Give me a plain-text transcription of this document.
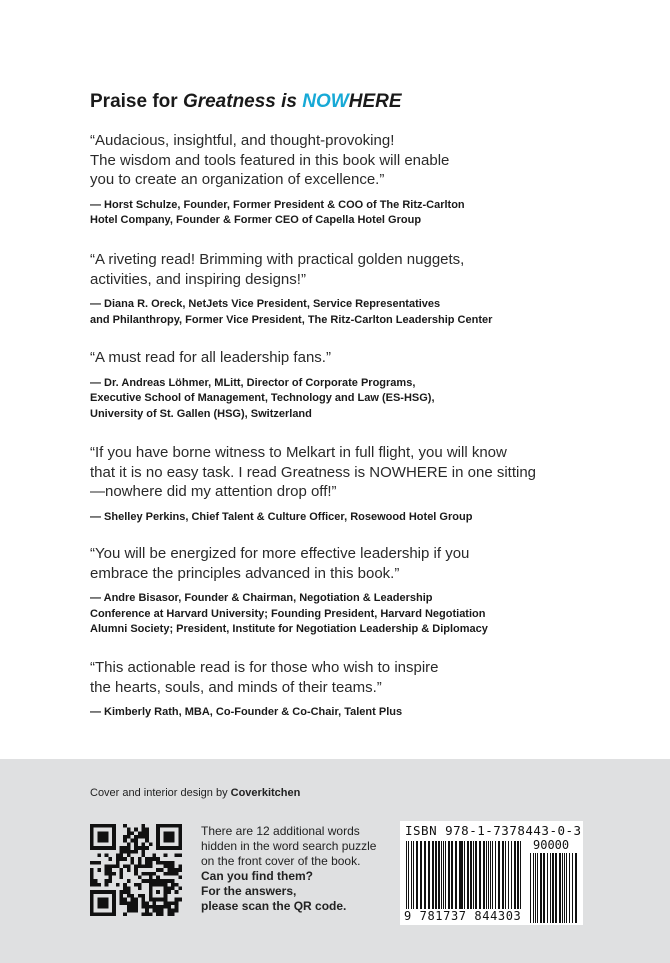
Praise for Greatness is NOWHERE

“Audacious, insightful, and thought-provoking!
The wisdom and tools featured in this book will enable
you to create an organization of excellence.”

— Horst Schulze, Founder, Former President & COO of The Ritz-Carlton
Hotel Company, Founder & Former CEO of Capella Hotel Group

“A riveting read! Brimming with practical golden nuggets,
activities, and inspiring designs!”

— Diana R. Oreck, NetJets Vice President, Service Representatives
and Philanthropy, Former Vice President, The Ritz-Carlton Leadership Center

“A must read for all leadership fans.”

— Dr. Andreas Löhmer, MLitt, Director of Corporate Programs,
Executive School of Management, Technology and Law (ES-HSG),
University of St. Gallen (HSG), Switzerland

“If you have borne witness to Melkart in full flight, you will know
that it is no easy task. I read Greatness is NOWHERE in one sitting
—nowhere did my attention drop off!”

— Shelley Perkins, Chief Talent & Culture Officer, Rosewood Hotel Group

“You will be energized for more effective leadership if you
embrace the principles advanced in this book.”

— Andre Bisasor, Founder & Chairman, Negotiation & Leadership
Conference at Harvard University; Founding President, Harvard Negotiation
Alumni Society; President, Institute for Negotiation Leadership & Diplomacy

“This actionable read is for those who wish to inspire
the hearts, souls, and minds of their teams.”

— Kimberly Rath, MBA, Co-Founder & Co-Chair, Talent Plus
Cover and interior design by Coverkitchen
There are 12 additional words
hidden in the word search puzzle
on the front cover of the book.
Can you find them?
For the answers,
please scan the QR code.
ISBN 978-1-7378443-0-3
90000
9 781737 844303
